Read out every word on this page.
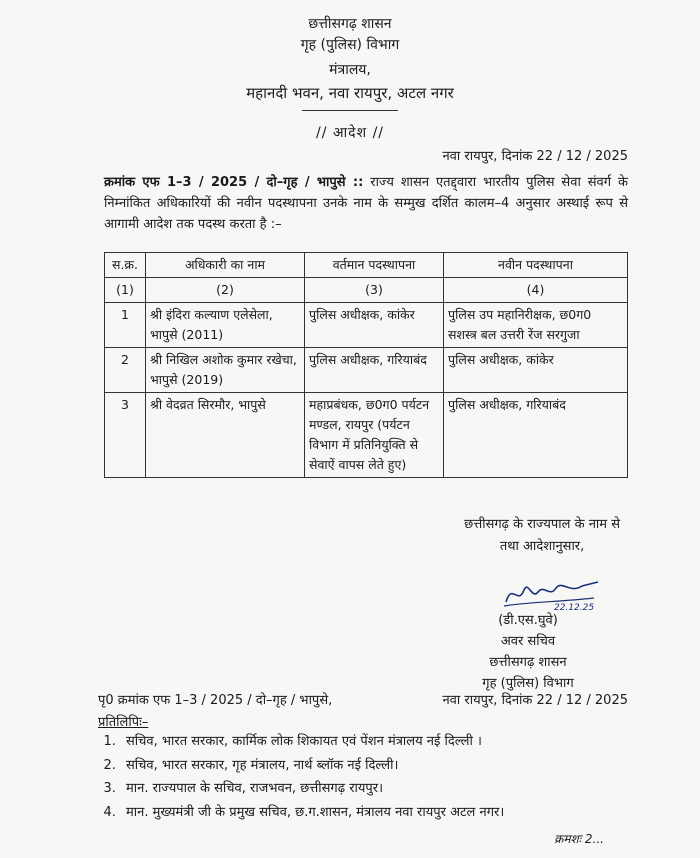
छत्तीसगढ़ शासन
गृह (पुलिस) विभाग
मंत्रालय,
महानदी भवन, नवा रायपुर, अटल नगर
// आदेश //
नवा रायपुर, दिनांक 22 / 12 / 2025
क्रमांक एफ 1–3 / 2025 / दो–गृह / भापुसे :: राज्य शासन एतद्द्वारा भारतीय पुलिस सेवा संवर्ग के निम्नांकित अधिकारियों की नवीन पदस्थापना उनके नाम के सम्मुख दर्शित कालम–4 अनुसार अस्थाई रूप से आगामी आदेश तक पदस्थ करता है :–
स.क्र.	अधिकारी का नाम	वर्तमान पदस्थापना	नवीन पदस्थापना
(1)	(2)	(3)	(4)
1	श्री इंदिरा कल्याण एलेसेला, भापुसे (2011)	पुलिस अधीक्षक, कांकेर	पुलिस उप महानिरीक्षक, छ0ग0 सशस्त्र बल उत्तरी रेंज सरगुजा
2	श्री निखिल अशोक कुमार रखेचा, भापुसे (2019)	पुलिस अधीक्षक, गरियाबंद	पुलिस अधीक्षक, कांकेर
3	श्री वेदव्रत सिरमौर, भापुसे	महाप्रबंधक, छ0ग0 पर्यटन मण्डल, रायपुर (पर्यटन विभाग में प्रतिनियुक्ति से सेवाऐं वापस लेते हुए)	पुलिस अधीक्षक, गरियाबंद
छत्तीसगढ़ के राज्यपाल के नाम से
तथा आदेशानुसार,
22.12.25
(डी.एस.घुवे)
अवर सचिव
छत्तीसगढ़ शासन
गृह (पुलिस) विभाग
पृ0 क्रमांक एफ 1–3 / 2025 / दो–गृह / भापुसे,	नवा रायपुर, दिनांक 22 / 12 / 2025
प्रतिलिपिः–
1. सचिव, भारत सरकार, कार्मिक लोक शिकायत एवं पेंशन मंत्रालय नई दिल्ली ।
2. सचिव, भारत सरकार, गृह मंत्रालय, नार्थ ब्लॉक नई दिल्ली।
3. मान. राज्यपाल के सचिव, राजभवन, छत्तीसगढ़ रायपुर।
4. मान. मुख्यमंत्री जी के प्रमुख सचिव, छ.ग.शासन, मंत्रालय नवा रायपुर अटल नगर।
क्रमशः 2...
